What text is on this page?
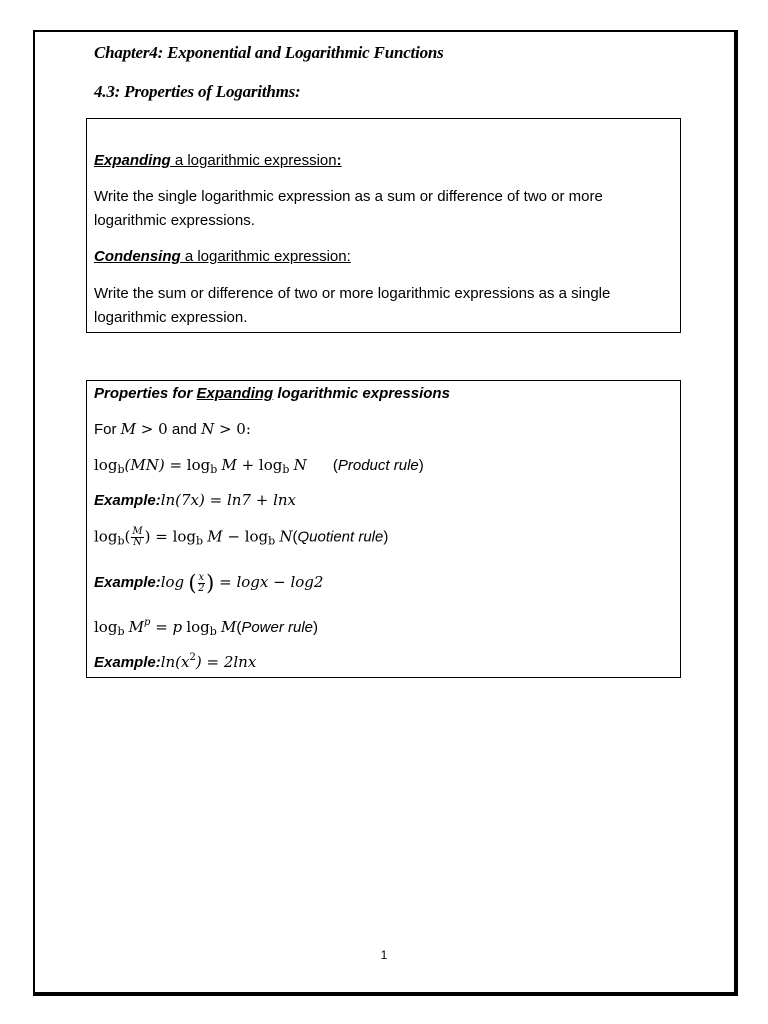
Chapter4: Exponential and Logarithmic Functions
4.3: Properties of Logarithms:
Expanding a logarithmic expression:
Write the single logarithmic expression as a sum or difference of two or more
logarithmic expressions.
Condensing a logarithmic expression:
Write the sum or difference of two or more logarithmic expressions as a single
logarithmic expression.
Properties for Expanding logarithmic expressions
For M > 0 and N > 0:
$\log_b(MN) = \log_b M + \log_b N$ (Product rule)
Example:ln(7x) = ln7 + lnx
$\log_b( \frac{M}{N}$ ) = $\log_b M - \log_b$ N(Quotient rule)
Example:log ( $\frac{x}{2}$ ) = logx − log2
$\log_b M^p = p$ $\log_b$ M(Power rule)
$Example:\ln(x^2) = 2\ln x$
1
